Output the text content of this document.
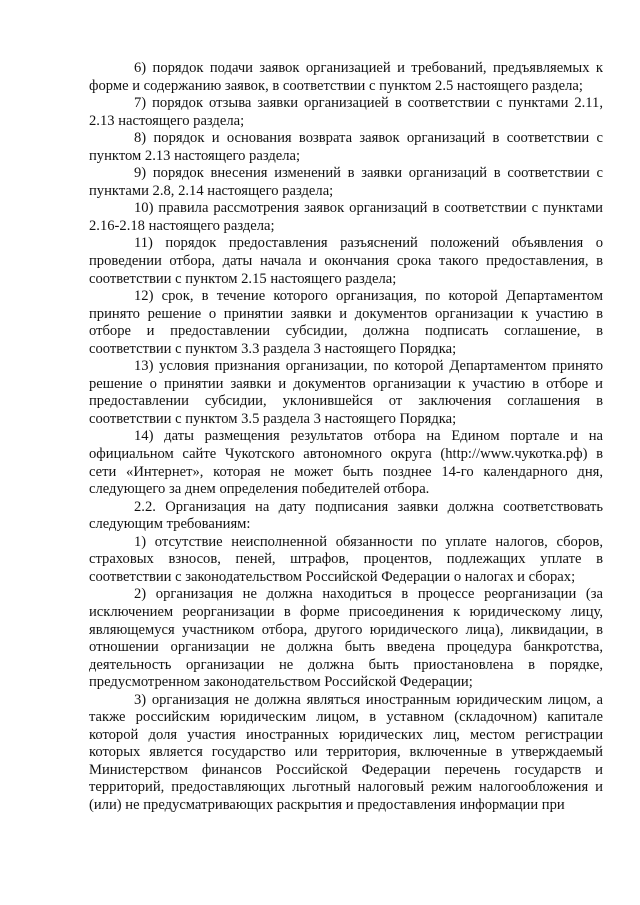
6) порядок подачи заявок организацией и требований, предъявляемых к форме и содержанию заявок, в соответствии с пунктом 2.5 настоящего раздела;

7) порядок отзыва заявки организацией в соответствии с пунктами 2.11, 2.13 настоящего раздела;

8) порядок и основания возврата заявок организаций в соответствии с пунктом 2.13 настоящего раздела;

9) порядок внесения изменений в заявки организаций в соответствии с пунктами 2.8, 2.14 настоящего раздела;

10) правила рассмотрения заявок организаций в соответствии с пунктами 2.16-2.18 настоящего раздела;

11) порядок предоставления разъяснений положений объявления о проведении отбора, даты начала и окончания срока такого предоставления, в соответствии с пунктом 2.15 настоящего раздела;

12) срок, в течение которого организация, по которой Департаментом принято решение о принятии заявки и документов организации к участию в отборе и предоставлении субсидии, должна подписать соглашение, в соответствии с пунктом 3.3 раздела 3 настоящего Порядка;

13) условия признания организации, по которой Департаментом принято решение о принятии заявки и документов организации к участию в отборе и предоставлении субсидии, уклонившейся от заключения соглашения в соответствии с пунктом 3.5 раздела 3 настоящего Порядка;

14) даты размещения результатов отбора на Едином портале и на официальном сайте Чукотского автономного округа (http://www.чукотка.рф) в сети «Интернет», которая не может быть позднее 14-го календарного дня, следующего за днем определения победителей отбора.

2.2. Организация на дату подписания заявки должна соответствовать следующим требованиям:

1) отсутствие неисполненной обязанности по уплате налогов, сборов, страховых взносов, пеней, штрафов, процентов, подлежащих уплате в соответствии с законодательством Российской Федерации о налогах и сборах;

2) организация не должна находиться в процессе реорганизации (за исключением реорганизации в форме присоединения к юридическому лицу, являющемуся участником отбора, другого юридического лица), ликвидации, в отношении организации не должна быть введена процедура банкротства, деятельность организации не должна быть приостановлена в порядке, предусмотренном законодательством Российской Федерации;

3) организация не должна являться иностранным юридическим лицом, а также российским юридическим лицом, в уставном (складочном) капитале которой доля участия иностранных юридических лиц, местом регистрации которых является государство или территория, включенные в утверждаемый Министерством финансов Российской Федерации перечень государств и территорий, предоставляющих льготный налоговый режим налогообложения и (или) не предусматривающих раскрытия и предоставления информации при
